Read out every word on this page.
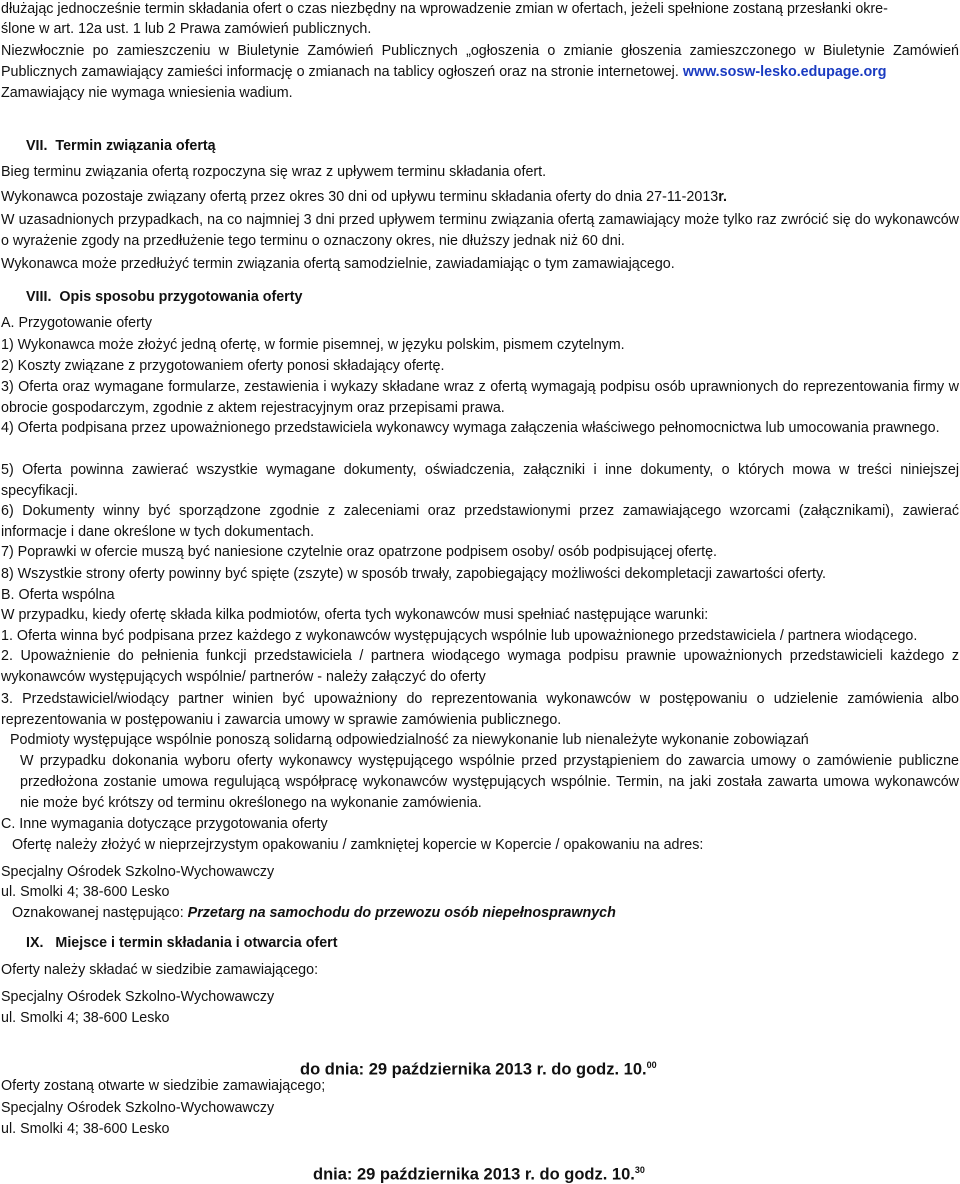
dłużając jednocześnie termin składania ofert o czas niezbędny na wprowadzenie zmian w ofertach, jeżeli spełnione zostaną przesłanki okre-
ślone w art. 12a ust. 1 lub 2 Prawa zamówień publicznych.
Niezwłocznie po zamieszczeniu w Biuletynie Zamówień Publicznych „ogłoszenia o zmianie głoszenia zamieszczonego w Biuletynie Zamówień Publicznych zamawiający zamieści informację o zmianach na tablicy ogłoszeń oraz na stronie internetowej. www.sosw-lesko.edupage.org
Zamawiający nie wymaga wniesienia wadium.
VII. Termin związania ofertą
Bieg terminu związania ofertą rozpoczyna się wraz z upływem terminu składania ofert.
Wykonawca pozostaje związany ofertą przez okres 30 dni od upływu terminu składania oferty do dnia 27-11-2013r.
W uzasadnionych przypadkach, na co najmniej 3 dni przed upływem terminu związania ofertą zamawiający może tylko raz zwrócić się do wykonawców o wyrażenie zgody na przedłużenie tego terminu o oznaczony okres, nie dłuższy jednak niż 60 dni.
Wykonawca może przedłużyć termin związania ofertą samodzielnie, zawiadamiając o tym zamawiającego.
VIII. Opis sposobu przygotowania oferty
A. Przygotowanie oferty
1) Wykonawca może złożyć jedną ofertę, w formie pisemnej, w języku polskim, pismem czytelnym.
2) Koszty związane z przygotowaniem oferty ponosi składający ofertę.
3) Oferta oraz wymagane formularze, zestawienia i wykazy składane wraz z ofertą wymagają podpisu osób uprawnionych do reprezentowania firmy w obrocie gospodarczym, zgodnie z aktem rejestracyjnym oraz przepisami prawa.
4) Oferta podpisana przez upoważnionego przedstawiciela wykonawcy wymaga załączenia właściwego pełnomocnictwa lub umocowania prawnego.
5) Oferta powinna zawierać wszystkie wymagane dokumenty, oświadczenia, załączniki i inne dokumenty, o których mowa w treści niniejszej specyfikacji.
6) Dokumenty winny być sporządzone zgodnie z zaleceniami oraz przedstawionymi przez zamawiającego wzorcami (załącznikami), zawierać informacje i dane określone w tych dokumentach.
7) Poprawki w ofercie muszą być naniesione czytelnie oraz opatrzone podpisem osoby/ osób podpisującej ofertę.
8) Wszystkie strony oferty powinny być spięte (zszyte) w sposób trwały, zapobiegający możliwości dekompletacji zawartości oferty.
B. Oferta wspólna
W przypadku, kiedy ofertę składa kilka podmiotów, oferta tych wykonawców musi spełniać następujące warunki:
1. Oferta winna być podpisana przez każdego z wykonawców występujących wspólnie lub upoważnionego przedstawiciela / partnera wiodącego.
2. Upoważnienie do pełnienia funkcji przedstawiciela / partnera wiodącego wymaga podpisu prawnie upoważnionych przedstawicieli każdego z wykonawców występujących wspólnie/ partnerów - należy załączyć do oferty
3. Przedstawiciel/wiodący partner winien być upoważniony do reprezentowania wykonawców w postępowaniu o udzielenie zamówienia albo reprezentowania w postępowaniu i zawarcia umowy w sprawie zamówienia publicznego.
Podmioty występujące wspólnie ponoszą solidarną odpowiedzialność za niewykonanie lub nienależyte wykonanie zobowiązań
W przypadku dokonania wyboru oferty wykonawcy występującego wspólnie przed przystąpieniem do zawarcia umowy o zamówienie publiczne przedłożona zostanie umowa regulującą współpracę wykonawców występujących wspólnie. Termin, na jaki została zawarta umowa wykonawców nie może być krótszy od terminu określonego na wykonanie zamówienia.
C. Inne wymagania dotyczące przygotowania oferty
Ofertę należy złożyć w nieprzejrzystym opakowaniu / zamkniętej kopercie w Kopercie / opakowaniu na adres:
Specjalny Ośrodek Szkolno-Wychowawczy
ul. Smolki 4; 38-600 Lesko
Oznakowanej następująco: Przetarg na samochodu do przewozu osób niepełnosprawnych
IX. Miejsce i termin składania i otwarcia ofert
Oferty należy składać w siedzibie zamawiającego:
Specjalny Ośrodek Szkolno-Wychowawczy
ul. Smolki 4; 38-600 Lesko
do dnia: 29 października 2013 r. do godz. 10.00
Oferty zostaną otwarte w siedzibie zamawiającego;
Specjalny Ośrodek Szkolno-Wychowawczy
ul. Smolki 4; 38-600 Lesko
dnia: 29 października 2013 r. do godz. 10.30
